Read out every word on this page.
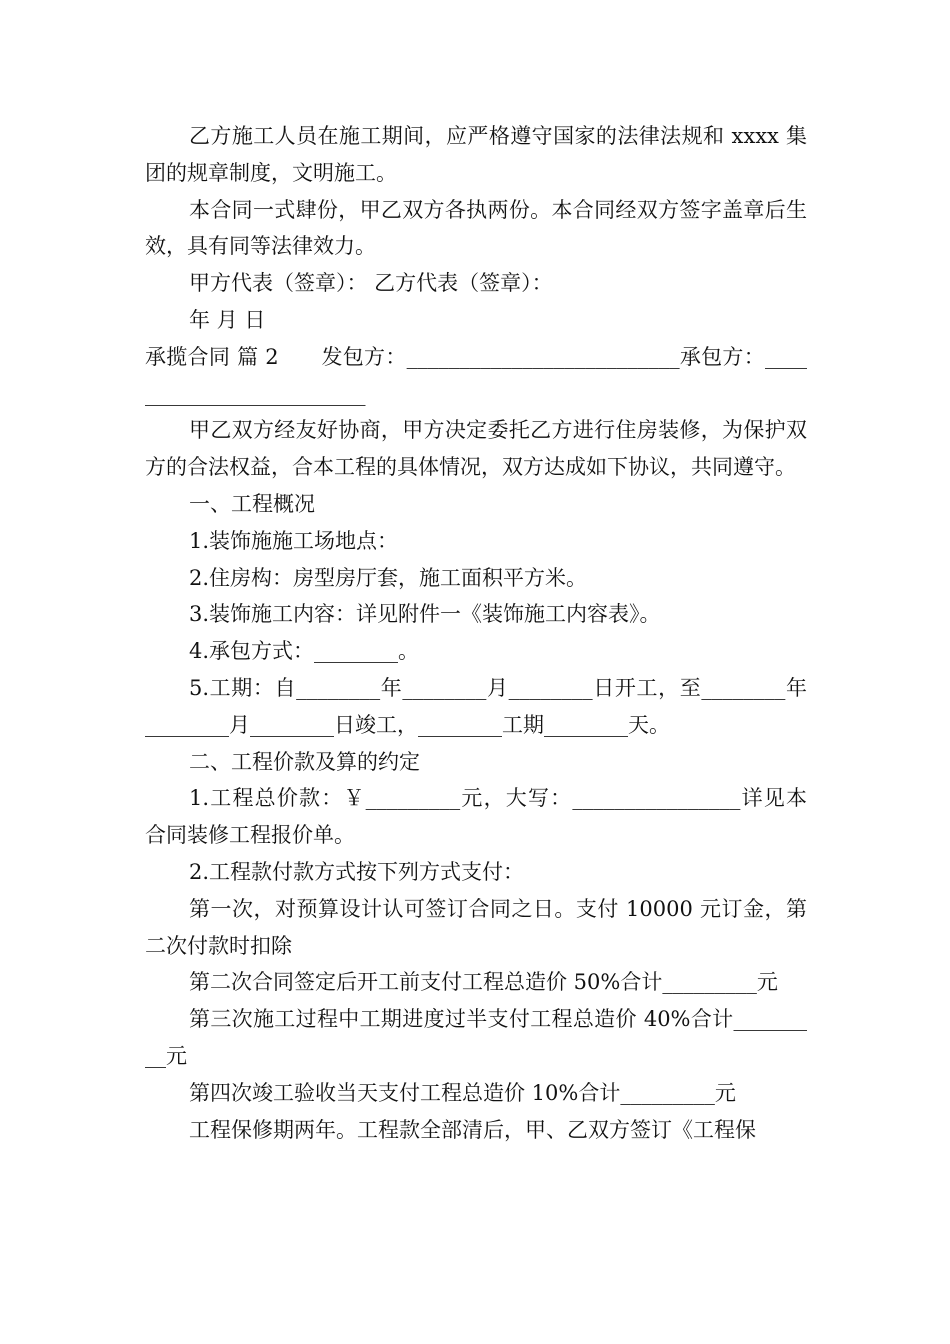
乙方施工人员在施工期间，应严格遵守国家的法律法规和 xxxx 集团的规章制度，文明施工。

本合同一式肆份，甲乙双方各执两份。本合同经双方签字盖章后生效，具有同等法律效力。

甲方代表（签章）： 乙方代表（签章）：

年 月 日

承揽合同 篇 2　　发包方：__________________________承包方：_________________________

甲乙双方经友好协商，甲方决定委托乙方进行住房装修，为保护双方的合法权益，合本工程的具体情况，双方达成如下协议，共同遵守。

一、工程概况

1.装饰施施工场地点：

2.住房构：房型房厅套，施工面积平方米。

3.装饰施工内容：详见附件一《装饰施工内容表》。

4.承包方式：________。

5.工期：自________年________月________日开工，至________年________月________日竣工，________工期________天。

二、工程价款及算的约定

1.工程总价款：￥_________元，大写：________________详见本合同装修工程报价单。

2.工程款付款方式按下列方式支付：

第一次，对预算设计认可签订合同之日。支付 10000 元订金，第二次付款时扣除

第二次合同签定后开工前支付工程总造价 50%合计_________元

第三次施工过程中工期进度过半支付工程总造价 40%合计_________元

第四次竣工验收当天支付工程总造价 10%合计_________元

工程保修期两年。工程款全部清后，甲、乙双方签订《工程保
